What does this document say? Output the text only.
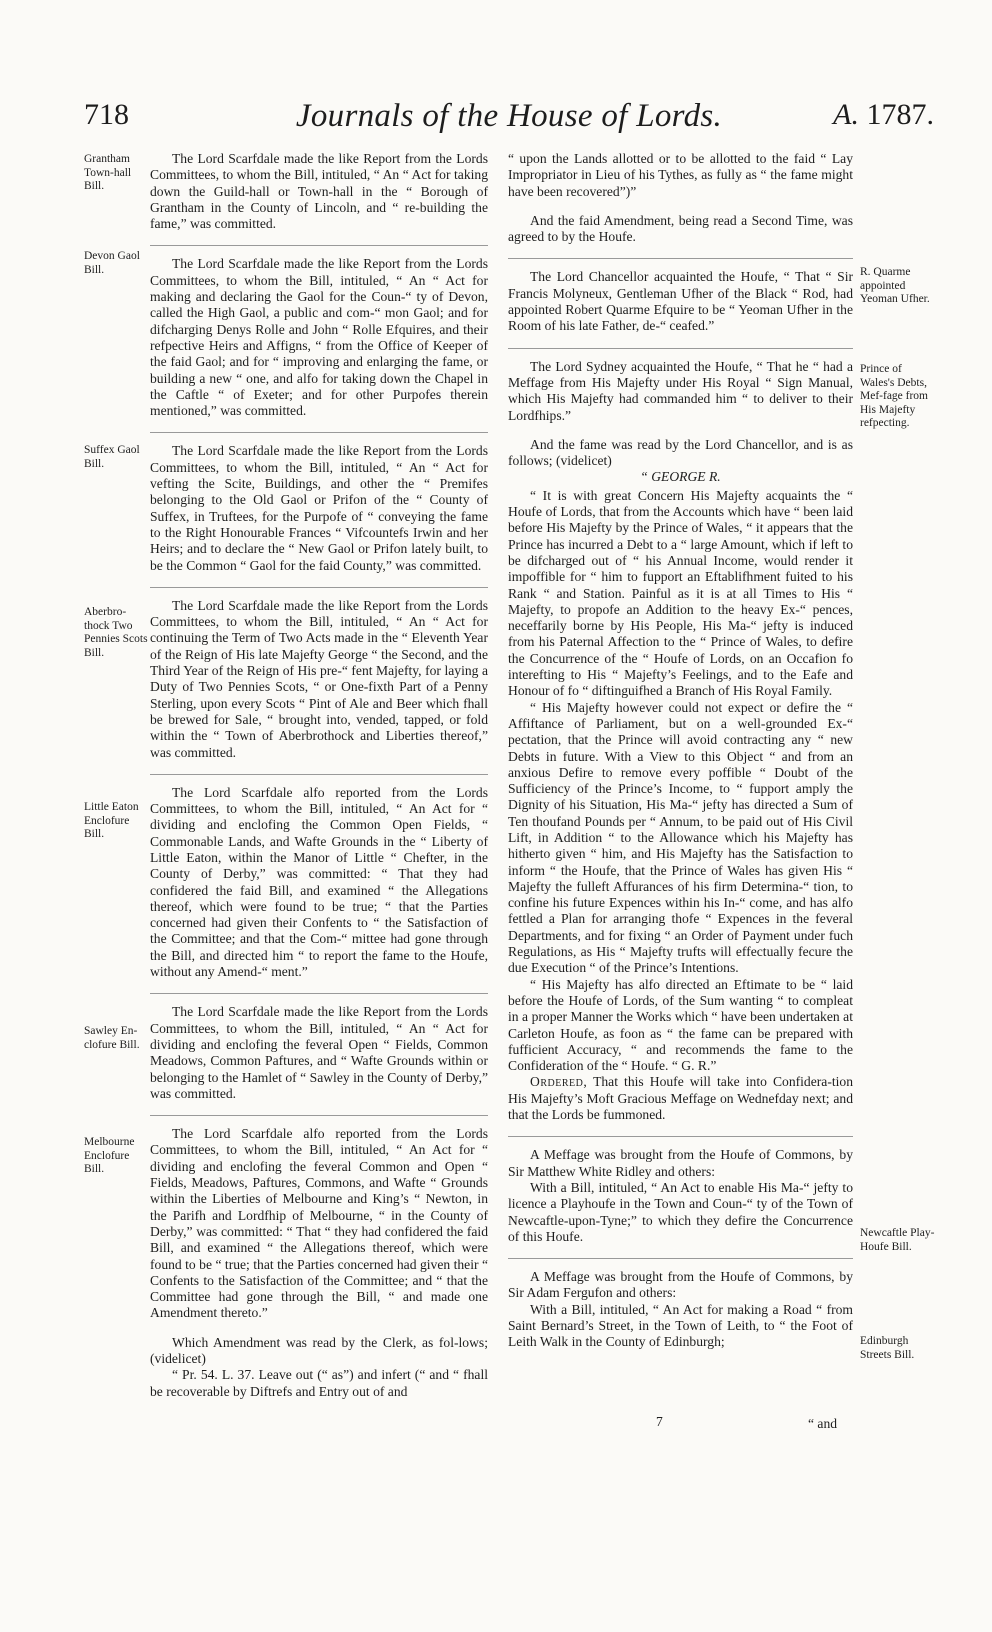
718	Journals of the House of Lords.	A. 1787.
Grantham Town-hall Bill.
Devon Gaol Bill.
Suffex Gaol Bill.
Aberbro-thock Two Pennies Scots Bill.
Little Eaton Enclofure Bill.
Sawley En-clofure Bill.
Melbourne Enclofure Bill.
R. Quarme appointed Yeoman Ufher.
Prince of Wales's Debts, Mef-fage from His Majefty refpecting.
Newcaftle Play-Houfe Bill.
Edinburgh Streets Bill.

The Lord Scarfdale made the like Report from the Lords Committees, to whom the Bill, intituled, “ An “ Act for taking down the Guild-hall or Town-hall in the “ Borough of Grantham in the County of Lincoln, and “ re-building the fame,” was committed.

The Lord Scarfdale made the like Report from the Lords Committees, to whom the Bill, intituled, “ An “ Act for making and declaring the Gaol for the Coun-“ ty of Devon, called the High Gaol, a public and com-“ mon Gaol; and for difcharging Denys Rolle and John “ Rolle Efquires, and their refpective Heirs and Affigns, “ from the Office of Keeper of the faid Gaol; and for “ improving and enlarging the fame, or building a new “ one, and alfo for taking down the Chapel in the Caftle “ of Exeter; and for other Purpofes therein mentioned,” was committed.

The Lord Scarfdale made the like Report from the Lords Committees, to whom the Bill, intituled, “ An “ Act for vefting the Scite, Buildings, and other the “ Premifes belonging to the Old Gaol or Prifon of the “ County of Suffex, in Truftees, for the Purpofe of “ conveying the fame to the Right Honourable Frances “ Vifcountefs Irwin and her Heirs; and to declare the “ New Gaol or Prifon lately built, to be the Common “ Gaol for the faid County,” was committed.

The Lord Scarfdale made the like Report from the Lords Committees, to whom the Bill, intituled, “ An “ Act for continuing the Term of Two Acts made in the “ Eleventh Year of the Reign of His late Majefty George “ the Second, and the Third Year of the Reign of His pre-“ fent Majefty, for laying a Duty of Two Pennies Scots, “ or One-fixth Part of a Penny Sterling, upon every Scots “ Pint of Ale and Beer which fhall be brewed for Sale, “ brought into, vended, tapped, or fold within the “ Town of Aberbrothock and Liberties thereof,” was committed.

The Lord Scarfdale alfo reported from the Lords Committees, to whom the Bill, intituled, “ An Act for “ dividing and enclofing the Common Open Fields, “ Commonable Lands, and Wafte Grounds in the “ Liberty of Little Eaton, within the Manor of Little “ Chefter, in the County of Derby,” was committed: “ That they had confidered the faid Bill, and examined “ the Allegations thereof, which were found to be true; “ that the Parties concerned had given their Confents to “ the Satisfaction of the Committee; and that the Com-“ mittee had gone through the Bill, and directed him “ to report the fame to the Houfe, without any Amend-“ ment.”

The Lord Scarfdale made the like Report from the Lords Committees, to whom the Bill, intituled, “ An “ Act for dividing and enclofing the feveral Open “ Fields, Common Meadows, Common Paftures, and “ Wafte Grounds within or belonging to the Hamlet of “ Sawley in the County of Derby,” was committed.

The Lord Scarfdale alfo reported from the Lords Committees, to whom the Bill, intituled, “ An Act for “ dividing and enclofing the feveral Common and Open “ Fields, Meadows, Paftures, Commons, and Wafte “ Grounds within the Liberties of Melbourne and King’s “ Newton, in the Parifh and Lordfhip of Melbourne, “ in the County of Derby,” was committed: “ That “ they had confidered the faid Bill, and examined “ the Allegations thereof, which were found to be “ true; that the Parties concerned had given their “ Confents to the Satisfaction of the Committee; and “ that the Committee had gone through the Bill, “ and made one Amendment thereto.”

Which Amendment was read by the Clerk, as fol-lows; (videlicet)

“ Pr. 54. L. 37. Leave out (“ as”) and infert (“ and “ fhall be recoverable by Diftrefs and Entry out of and

“ upon the Lands allotted or to be allotted to the faid “ Lay Impropriator in Lieu of his Tythes, as fully as “ the fame might have been recovered”)”

And the faid Amendment, being read a Second Time, was agreed to by the Houfe.

The Lord Chancellor acquainted the Houfe, “ That “ Sir Francis Molyneux, Gentleman Ufher of the Black “ Rod, had appointed Robert Quarme Efquire to be “ Yeoman Ufher in the Room of his late Father, de-“ ceafed.”

The Lord Sydney acquainted the Houfe, “ That he “ had a Meffage from His Majefty under His Royal “ Sign Manual, which His Majefty had commanded him “ to deliver to their Lordfhips.”

And the fame was read by the Lord Chancellor, and is as follows; (videlicet)

“ GEORGE R.

“ It is with great Concern His Majefty acquaints the “ Houfe of Lords, that from the Accounts which have “ been laid before His Majefty by the Prince of Wales, “ it appears that the Prince has incurred a Debt to a “ large Amount, which if left to be difcharged out of “ his Annual Income, would render it impoffible for “ him to fupport an Eftablifhment fuited to his Rank “ and Station. Painful as it is at all Times to His “ Majefty, to propofe an Addition to the heavy Ex-“ pences, neceffarily borne by His People, His Ma-“ jefty is induced from his Paternal Affection to the “ Prince of Wales, to defire the Concurrence of the “ Houfe of Lords, on an Occafion fo interefting to His “ Majefty’s Feelings, and to the Eafe and Honour of fo “ diftinguifhed a Branch of His Royal Family.

“ His Majefty however could not expect or defire the “ Affiftance of Parliament, but on a well-grounded Ex-“ pectation, that the Prince will avoid contracting any “ new Debts in future. With a View to this Object “ and from an anxious Defire to remove every poffible “ Doubt of the Sufficiency of the Prince’s Income, to “ fupport amply the Dignity of his Situation, His Ma-“ jefty has directed a Sum of Ten thoufand Pounds per “ Annum, to be paid out of His Civil Lift, in Addition “ to the Allowance which his Majefty has hitherto given “ him, and His Majefty has the Satisfaction to inform “ the Houfe, that the Prince of Wales has given His “ Majefty the fulleft Affurances of his firm Determina-“ tion, to confine his future Expences within his In-“ come, and has alfo fettled a Plan for arranging thofe “ Expences in the feveral Departments, and for fixing “ an Order of Payment under fuch Regulations, as His “ Majefty trufts will effectually fecure the due Execution “ of the Prince’s Intentions.

“ His Majefty has alfo directed an Eftimate to be “ laid before the Houfe of Lords, of the Sum wanting “ to compleat in a proper Manner the Works which “ have been undertaken at Carleton Houfe, as foon as “ the fame can be prepared with fufficient Accuracy, “ and recommends the fame to the Confideration of the “ Houfe. “ G. R.”

Ordered, That this Houfe will take into Confidera-tion His Majefty’s Moft Gracious Meffage on Wednefday next; and that the Lords be fummoned.

A Meffage was brought from the Houfe of Commons, by Sir Matthew White Ridley and others:

With a Bill, intituled, “ An Act to enable His Ma-“ jefty to licence a Playhoufe in the Town and Coun-“ ty of the Town of Newcaftle-upon-Tyne;” to which they defire the Concurrence of this Houfe.

A Meffage was brought from the Houfe of Commons, by Sir Adam Fergufon and others:

With a Bill, intituled, “ An Act for making a Road “ from Saint Bernard’s Street, in the Town of Leith, to “ the Foot of Leith Walk in the County of Edinburgh;

7	“ and
